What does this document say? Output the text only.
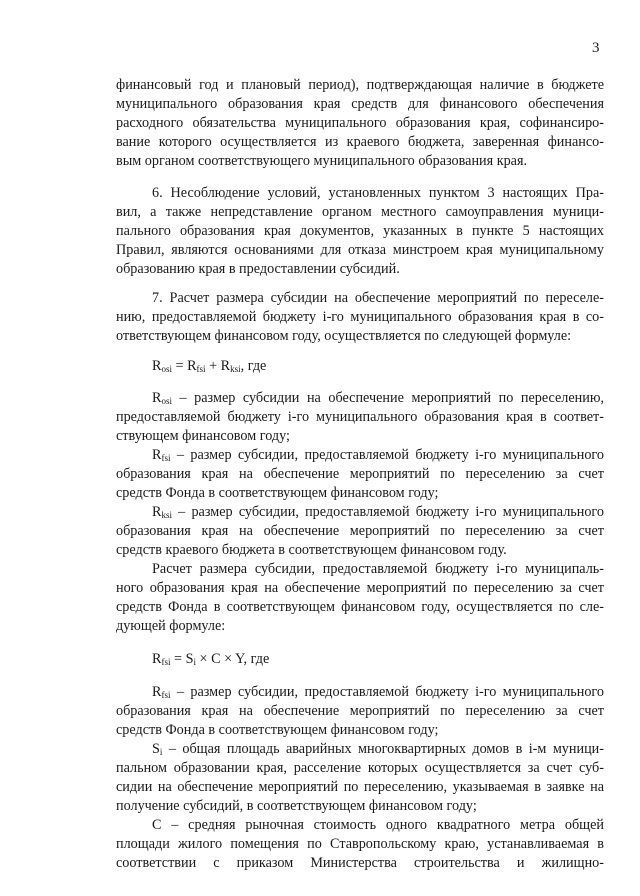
3
финансовый год и плановый период), подтверждающая наличие в бюджете
муниципального образования края средств для финансового обеспечения
расходного обязательства муниципального образования края, софинансиро-
вание которого осуществляется из краевого бюджета, заверенная финансо-
вым органом соответствующего муниципального образования края.
6. Несоблюдение условий, установленных пунктом 3 настоящих Пра-
вил, а также непредставление органом местного самоуправления муници-
пального образования края документов, указанных в пункте 5 настоящих
Правил, являются основаниями для отказа минстроем края муниципальному
образованию края в предоставлении субсидий.
7. Расчет размера субсидии на обеспечение мероприятий по переселе-
нию, предоставляемой бюджету i-го муниципального образования края в со-
ответствующем финансовом году, осуществляется по следующей формуле:
$R_{osi} = R_{fsi} + R_{ksi}$, где
$R_{osi}$ – размер субсидии на обеспечение мероприятий по переселению,
предоставляемой бюджету i-го муниципального образования края в соответ-
ствующем финансовом году;
$R_{fsi}$ – размер субсидии, предоставляемой бюджету i-го муниципального
образования края на обеспечение мероприятий по переселению за счет
средств Фонда в соответствующем финансовом году;
$R_{ksi}$ – размер субсидии, предоставляемой бюджету i-го муниципального
образования края на обеспечение мероприятий по переселению за счет
средств краевого бюджета в соответствующем финансовом году.
Расчет размера субсидии, предоставляемой бюджету i-го муниципаль-
ного образования края на обеспечение мероприятий по переселению за счет
средств Фонда в соответствующем финансовом году, осуществляется по сле-
дующей формуле:
$R_{fsi} = S_i \times C \times Y$, где
$R_{fsi}$ – размер субсидии, предоставляемой бюджету i-го муниципального
образования края на обеспечение мероприятий по переселению за счет
средств Фонда в соответствующем финансовом году;
$S_i$ – общая площадь аварийных многоквартирных домов в i-м муници-
пальном образовании края, расселение которых осуществляется за счет суб-
сидии на обеспечение мероприятий по переселению, указываемая в заявке на
получение субсидий, в соответствующем финансовом году;
С – средняя рыночная стоимость одного квадратного метра общей
площади жилого помещения по Ставропольскому краю, устанавливаемая в
соответствии с приказом Министерства строительства и жилищно-
